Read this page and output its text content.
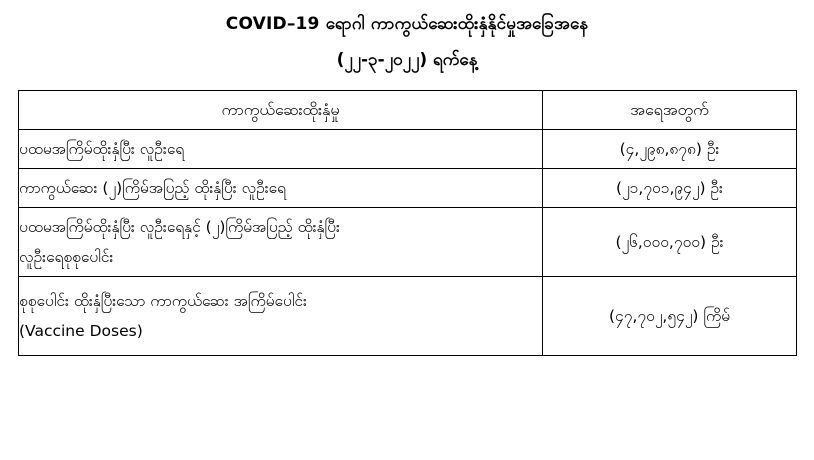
COVID–19 ရောဂါ ကာကွယ်ဆေးထိုးနှံနိုင်မှုအခြေအနေ
(၂၂-၃-၂၀၂၂) ရက်နေ့
ကာကွယ်ဆေးထိုးနှံမှု	အရေအတွက်
ပထမအကြိမ်ထိုးနှံပြီး လူဦးရေ	(၄,၂၉၈,၈၇၈) ဦး
ကာကွယ်ဆေး (၂)ကြိမ်အပြည့် ထိုးနှံပြီး လူဦးရေ	(၂၁,၇၀၁,၉၄၂) ဦး

ပထမအကြိမ်ထိုးနှံပြီး လူဦးရေနှင့် (၂)ကြိမ်အပြည့် ထိုးနှံပြီး
လူဦးရေစုစုပေါင်း	(၂၆,၀၀၀,၇၀၀) ဦး

စုစုပေါင်း ထိုးနှံပြီးသော ကာကွယ်ဆေး အကြိမ်ပေါင်း
(Vaccine Doses)	(၄၇,၇၀၂,၅၄၂) ကြိမ်
